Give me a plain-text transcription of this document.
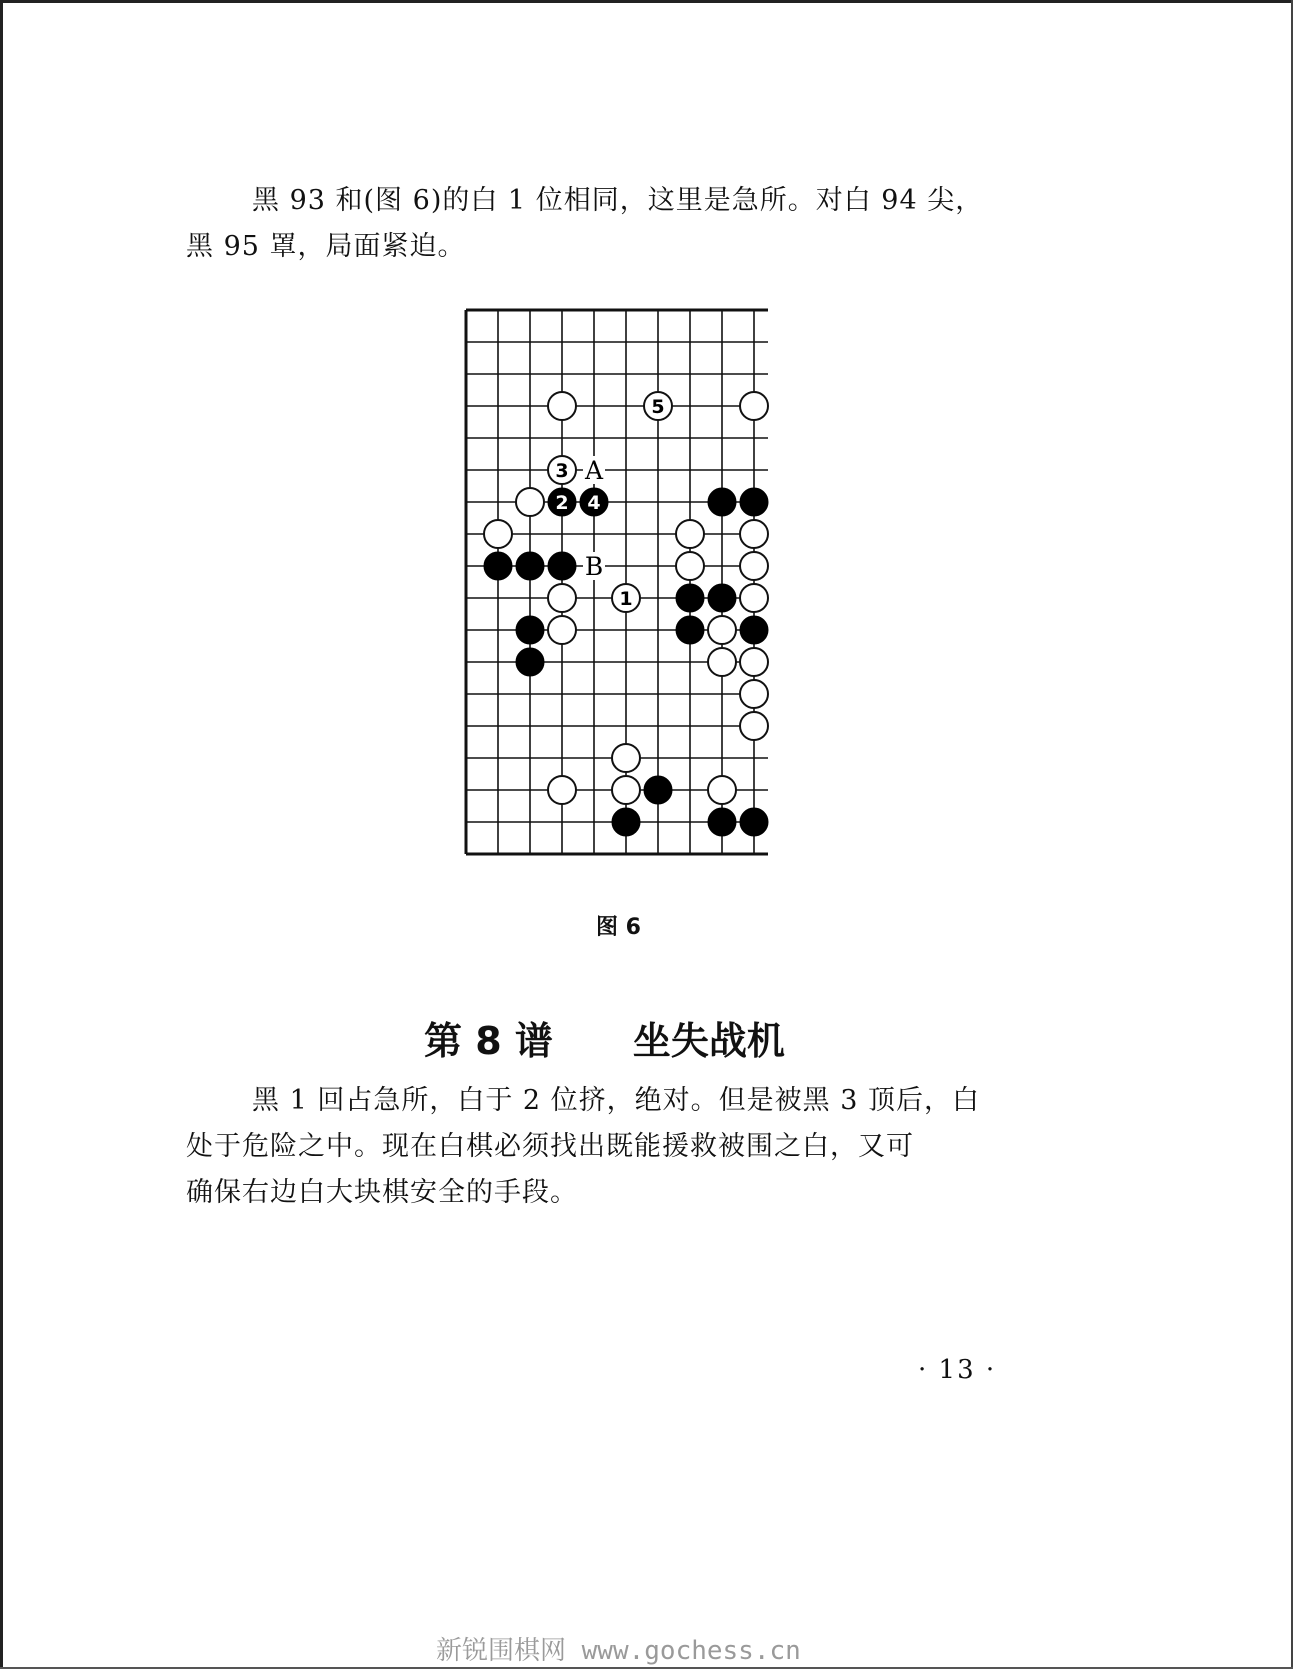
黑 93 和(图 6)的白 1 位相同，这里是急所。对白 94 尖，
黑 95 罩，局面紧迫。
A
B
5
3
2 4
1
图 6
第 8 谱 坐失战机
黑 1 回占急所，白于 2 位挤，绝对。但是被黑 3 顶后，白
处于危险之中。现在白棋必须找出既能援救被围之白，又可
确保右边白大块棋安全的手段。
· 13 ·
新锐围棋网 www.gochess.cn
